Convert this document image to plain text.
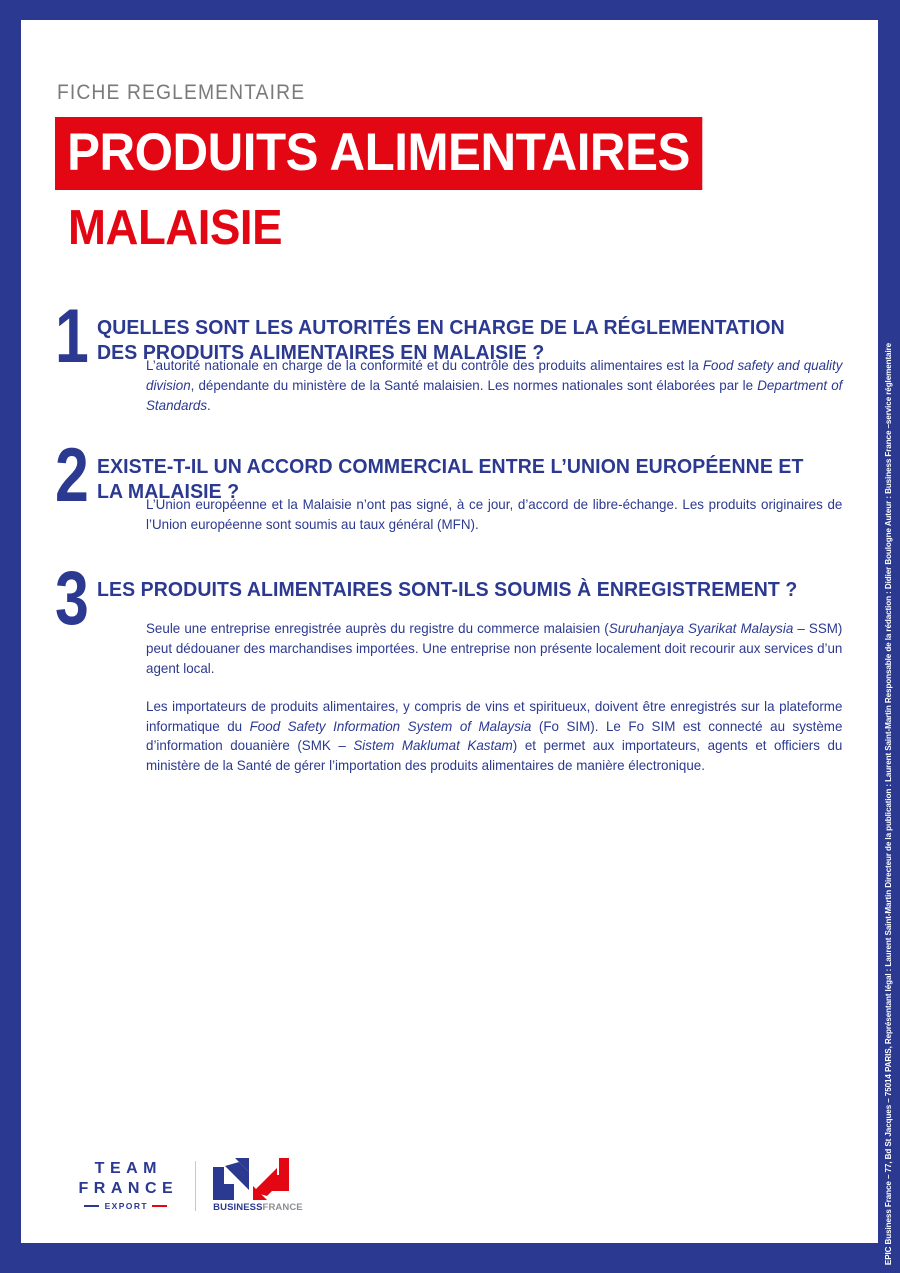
FICHE REGLEMENTAIRE
PRODUITS ALIMENTAIRES
MALAISIE
1 QUELLES SONT LES AUTORITÉS EN CHARGE DE LA RÉGLEMENTATION DES PRODUITS ALIMENTAIRES EN MALAISIE ?

L’autorité nationale en charge de la conformité et du contrôle des produits alimentaires est la Food safety and quality division, dépendante du ministère de la Santé malaisien. Les normes nationales sont élaborées par le Department of Standards.

2 EXISTE-T-IL UN ACCORD COMMERCIAL ENTRE L’UNION EUROPÉENNE ET LA MALAISIE ?

L’Union européenne et la Malaisie n’ont pas signé, à ce jour, d’accord de libre-échange. Les produits originaires de l’Union européenne sont soumis au taux général (MFN).

3 LES PRODUITS ALIMENTAIRES SONT-ILS SOUMIS À ENREGISTREMENT ?

Seule une entreprise enregistrée auprès du registre du commerce malaisien (Suruhanjaya Syarikat Malaysia – SSM) peut dédouaner des marchandises importées. Une entreprise non présente localement doit recourir aux services d’un agent local.

Les importateurs de produits alimentaires, y compris de vins et spiritueux, doivent être enregistrés sur la plateforme informatique du Food Safety Information System of Malaysia (Fo SIM). Le Fo SIM est connecté au système d’information douanière (SMK – Sistem Maklumat Kastam) et permet aux importateurs, agents et officiers du ministère de la Santé de gérer l’importation des produits alimentaires de manière électronique.

TEAM
FRANCE
EXPORT	BUSINESSFRANCE	EPIC Business France – 77, Bd St Jacques – 75014 PARIS, Représentant légal : Laurent Saint-Martin Directeur de la publication : Laurent Saint-Martin Responsable de la rédaction : Didier Boulogne Auteur : Business France –service réglementaire
